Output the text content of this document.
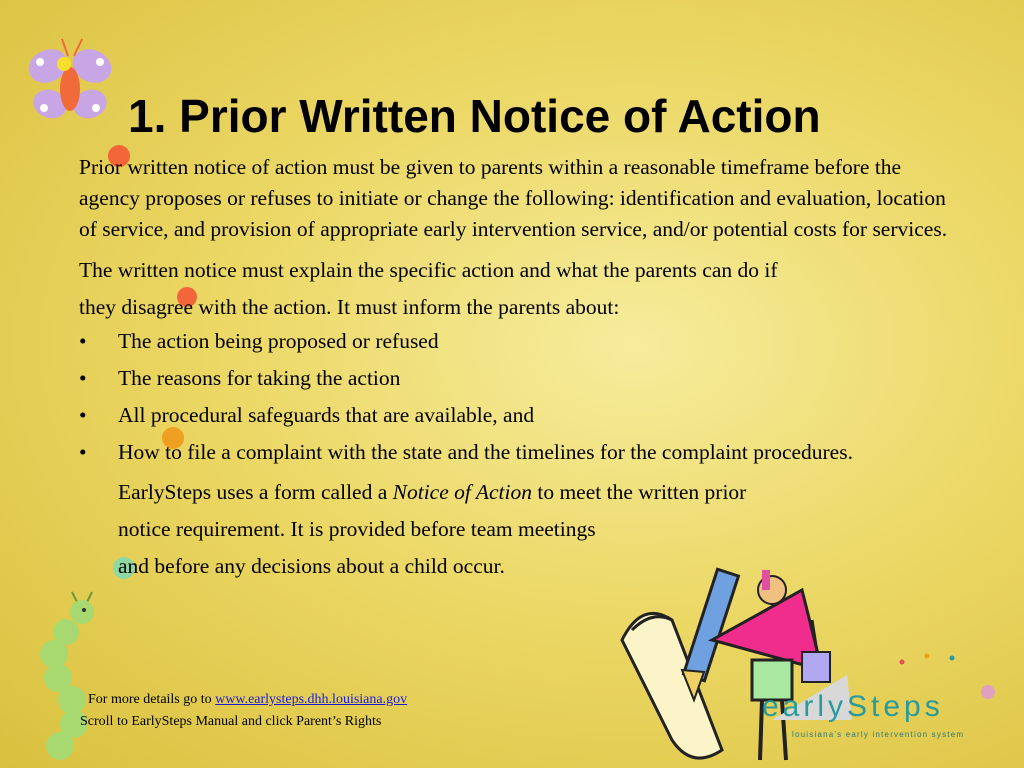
1. Prior Written Notice of Action

Prior written notice of action must be given to parents within a reasonable timeframe before the agency proposes or refuses to initiate or change the following: identification and evaluation, location of service, and provision of appropriate early intervention service, and/or potential costs for services.

The written notice must explain the specific action and what the parents can do if

they disagree with the action. It must inform the parents about:

• The action being proposed or refused
• The reasons for taking the action
• All procedural safeguards that are available, and
• How to file a complaint with the state and the timelines for the complaint procedures.

EarlySteps uses a form called a Notice of Action to meet the written prior

notice requirement. It is provided before team meetings

and before any decisions about a child occur.

earlySteps
louisiana's early intervention system
For more details go to www.earlysteps.dhh.louisiana.gov
Scroll to EarlySteps Manual and click Parent’s Rights
